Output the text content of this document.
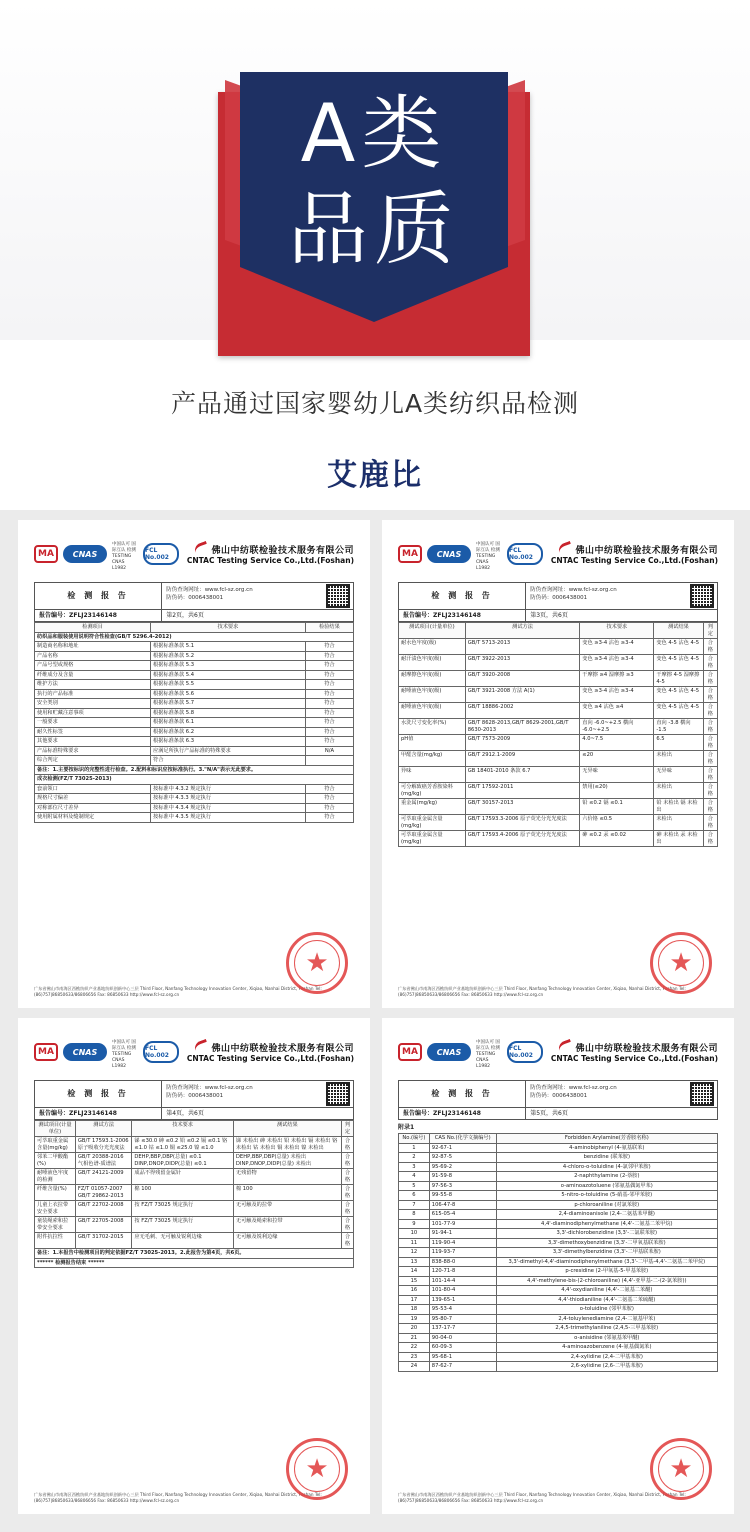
A类
品质
产品通过国家婴幼儿A类纺织品检测
艾鹿比
MA	CNAS
中国认可 国际互认 检测 TESTING CNAS L1982
FCL No.002
佛山中纺联检验技术服务有限公司
CNTAC Testing Service Co.,Ltd.(Foshan)
检 测 报 告
防伪查询网址：www.fcl-sz.org.cn
防伪码：0006438001
报告编号：ZFLJ23146148	第2页，共6页
检测项目	技术要求	检验结果
纺织品和服装使用说明符合性检查(GB/T 5296.4-2012)		
制造商名称和地址	根据标准条款 5.1	符合
产品名称	根据标准条款 5.2	符合
产品号型或规格	根据标准条款 5.3	符合
纤维成分及含量	根据标准条款 5.4	符合
维护方法	根据标准条款 5.5	符合
执行的产品标准	根据标准条款 5.6	符合
安全类别	根据标准条款 5.7	符合
使用和贮藏注意事项	根据标准条款 5.8	符合
一般要求	根据标准条款 6.1	符合
耐久性标签	根据标准条款 6.2	符合
其他要求	根据标准条款 6.3	符合
产品标准特殊要求	应满足所执行产品标准的特殊要求	N/A
综合判定	符合	
备注：1.主要按标识的完整性进行检查。2.配料和标识应按标准执行。3."N/A"表示无此要求。		
成衣检测(FZ/T 73025-2013)		
套前领口	按标准中 4.3.2 规定执行	符合
规格尺寸偏差	按标准中 4.3.3 规定执行	符合
对称部位尺寸差异	按标准中 4.3.4 规定执行	符合
使用附属材料及缝制规定	按标准中 4.3.5 规定执行	符合
广东省佛山市南海区西樵纺织产业基地纺织创新中心三层 Third Floor, Nanfang Technology Innovation Center, Xiqiao, Nanhai District, Foshan Tel: (86)757|86850633/86806656 Fax: 86850633 http://www.fcl-sz.org.cn
★
MA	CNAS
中国认可 国际互认 检测 TESTING CNAS L1982
FCL No.002
佛山中纺联检验技术服务有限公司
CNTAC Testing Service Co.,Ltd.(Foshan)
检 测 报 告
防伪查询网址：www.fcl-sz.org.cn
防伪码：0006438001
报告编号：ZFLJ23146148	第3页，共6页
测试项目(计量单位)	测试方法	技术要求	测试结果	判定
耐水色牢度(级)	GB/T 5713-2013	变色 ≥3-4 沾色 ≥3-4	变色 4-5 沾色 4-5	合格
耐汗渍色牢度(级)	GB/T 3922-2013	变色 ≥3-4 沾色 ≥3-4	变色 4-5 沾色 4-5	合格
耐摩擦色牢度(级)	GB/T 3920-2008	干摩擦 ≥4 湿摩擦 ≥3	干摩擦 4-5 湿摩擦 4-5	合格
耐唾液色牢度(级)	GB/T 3921-2008 方法 A(1)	变色 ≥3-4 沾色 ≥3-4	变色 4-5 沾色 4-5	合格
耐唾液色牢度(级)	GB/T 18886-2002	变色 ≥4 沾色 ≥4	变色 4-5 沾色 4-5	合格
水洗尺寸变化率(%)	GB/T 8628-2013,GB/T 8629-2001,GB/T 8630-2013	直向 -6.0~+2.5 横向 -6.0~+2.5	直向 -3.8 横向 -1.5	合格
pH值	GB/T 7573-2009	4.0~7.5	6.5	合格
甲醛含量(mg/kg)	GB/T 2912.1-2009	≤20	未检出	合格
异味	GB 18401-2010 条款 6.7	无异味	无异味	合格
可分解致癌芳香胺染料(mg/kg)	GB/T 17592-2011	禁用(≤20)	未检出	合格
重金属(mg/kg)	GB/T 30157-2013	铅 ≤0.2 镉 ≤0.1	铅 未检出 镉 未检出	合格
可萃取重金属含量(mg/kg)	GB/T 17593.3-2006 原子荧光分光光度法	六价铬 ≤0.5	未检出	合格
可萃取重金属含量(mg/kg)	GB/T 17593.4-2006 原子荧光分光光度法	砷 ≤0.2 汞 ≤0.02	砷 未检出 汞 未检出	合格
广东省佛山市南海区西樵纺织产业基地纺织创新中心三层 Third Floor, Nanfang Technology Innovation Center, Xiqiao, Nanhai District, Foshan Tel: (86)757|86850633/86806656 Fax: 86850633 http://www.fcl-sz.org.cn
★
MA	CNAS
中国认可 国际互认 检测 TESTING CNAS L1982
FCL No.002
佛山中纺联检验技术服务有限公司
CNTAC Testing Service Co.,Ltd.(Foshan)
检 测 报 告
防伪查询网址：www.fcl-sz.org.cn
防伪码：0006438001
报告编号：ZFLJ23146148	第4页，共6页
测试项目(计量单位)	测试方法	技术要求	测试结果	判定
可萃取重金属含量(mg/kg)	GB/T 17593.1-2006 原子吸收分光光度法	锑 ≤30.0 砷 ≤0.2 铅 ≤0.2 镉 ≤0.1 铬 ≤1.0 钴 ≤1.0 铜 ≤25.0 镍 ≤1.0	锑 未检出 砷 未检出 铅 未检出 镉 未检出 铬 未检出 钴 未检出 铜 未检出 镍 未检出	合格
邻苯二甲酸酯(%)	GB/T 20388-2016 气相色谱-质谱法	DEHP,BBP,DBP(总量) ≤0.1 DINP,DNOP,DIDP(总量) ≤0.1	DEHP,BBP,DBP(总量) 未检出 DINP,DNOP,DIDP(总量) 未检出	合格
耐唾液色牢度的检测	GB/T 24121-2009	成品不得残留金属针	无残留物	合格
纤维含量(%)	FZ/T 01057-2007 GB/T 29862-2013	棉 100	棉 100	合格
儿童上衣拉带安全要求	GB/T 22702-2008	按 FZ/T 73025 规定执行	无可触及的拉带	合格
童装绳索和拉带安全要求	GB/T 22705-2008	按 FZ/T 73025 规定执行	无可触及绳索和拉带	合格
附件抗拉性	GB/T 31702-2015	应无毛刺、无可触及锐利边缘	无可触及锐利边缘	合格
备注：1.本报告中检测项目的判定依据FZ/T 73025-2013。2.此报告为第4页，共6页。				
****** 检测报告结束 ******				
广东省佛山市南海区西樵纺织产业基地纺织创新中心三层 Third Floor, Nanfang Technology Innovation Center, Xiqiao, Nanhai District, Foshan Tel: (86)757|86850633/86806656 Fax: 86850633 http://www.fcl-sz.org.cn
★
MA	CNAS
中国认可 国际互认 检测 TESTING CNAS L1982
FCL No.002
佛山中纺联检验技术服务有限公司
CNTAC Testing Service Co.,Ltd.(Foshan)
检 测 报 告
防伪查询网址：www.fcl-sz.org.cn
防伪码：0006438001
报告编号：ZFLJ23146148	第5页，共6页
附录1
No.(编号)	CAS No.(化学文摘编号)	Forbidden Arylamine(芳香胺名称)
1	92-67-1	4-aminobiphenyl (4-氨基联苯)
2	92-87-5	benzidine (联苯胺)
3	95-69-2	4-chloro-o-toluidine (4-氯邻甲苯胺)
4	91-59-8	2-naphthylamine (2-萘胺)
5	97-56-3	o-aminoazotoluene (邻氨基偶氮甲苯)
6	99-55-8	5-nitro-o-toluidine (5-硝基-邻甲苯胺)
7	106-47-8	p-chloroaniline (对氯苯胺)
8	615-05-4	2,4-diaminoanisole (2,4-二氨基苯甲醚)
9	101-77-9	4,4'-diaminodiphenylmethane (4,4'-二氨基二苯甲烷)
10	91-94-1	3,3'-dichlorobenzidine (3,3'-二氯联苯胺)
11	119-90-4	3,3'-dimethoxybenzidine (3,3'-二甲氧基联苯胺)
12	119-93-7	3,3'-dimethylbenzidine (3,3'-二甲基联苯胺)
13	838-88-0	3,3'-dimethyl-4,4'-diaminodiphenylmethane (3,3'-二甲基-4,4'-二氨基二苯甲烷)
14	120-71-8	p-cresidine (2-甲氧基-5-甲基苯胺)
15	101-14-4	4,4'-methylene-bis-(2-chloroaniline) (4,4'-亚甲基-二-(2-氯苯胺))
16	101-80-4	4,4'-oxydianiline (4,4'-二氨基二苯醚)
17	139-65-1	4,4'-thiodianiline (4,4'-二氨基二苯硫醚)
18	95-53-4	o-toluidine (邻甲苯胺)
19	95-80-7	2,4-toluylenediamine (2,4-二氨基甲苯)
20	137-17-7	2,4,5-trimethylaniline (2,4,5-三甲基苯胺)
21	90-04-0	o-anisidine (邻氨基苯甲醚)
22	60-09-3	4-aminoazobenzene (4-氨基偶氮苯)
23	95-68-1	2,4-xylidine (2,4-二甲基苯胺)
24	87-62-7	2,6-xylidine (2,6-二甲基苯胺)
广东省佛山市南海区西樵纺织产业基地纺织创新中心三层 Third Floor, Nanfang Technology Innovation Center, Xiqiao, Nanhai District, Foshan Tel: (86)757|86850633/86806656 Fax: 86850633 http://www.fcl-sz.org.cn
★
